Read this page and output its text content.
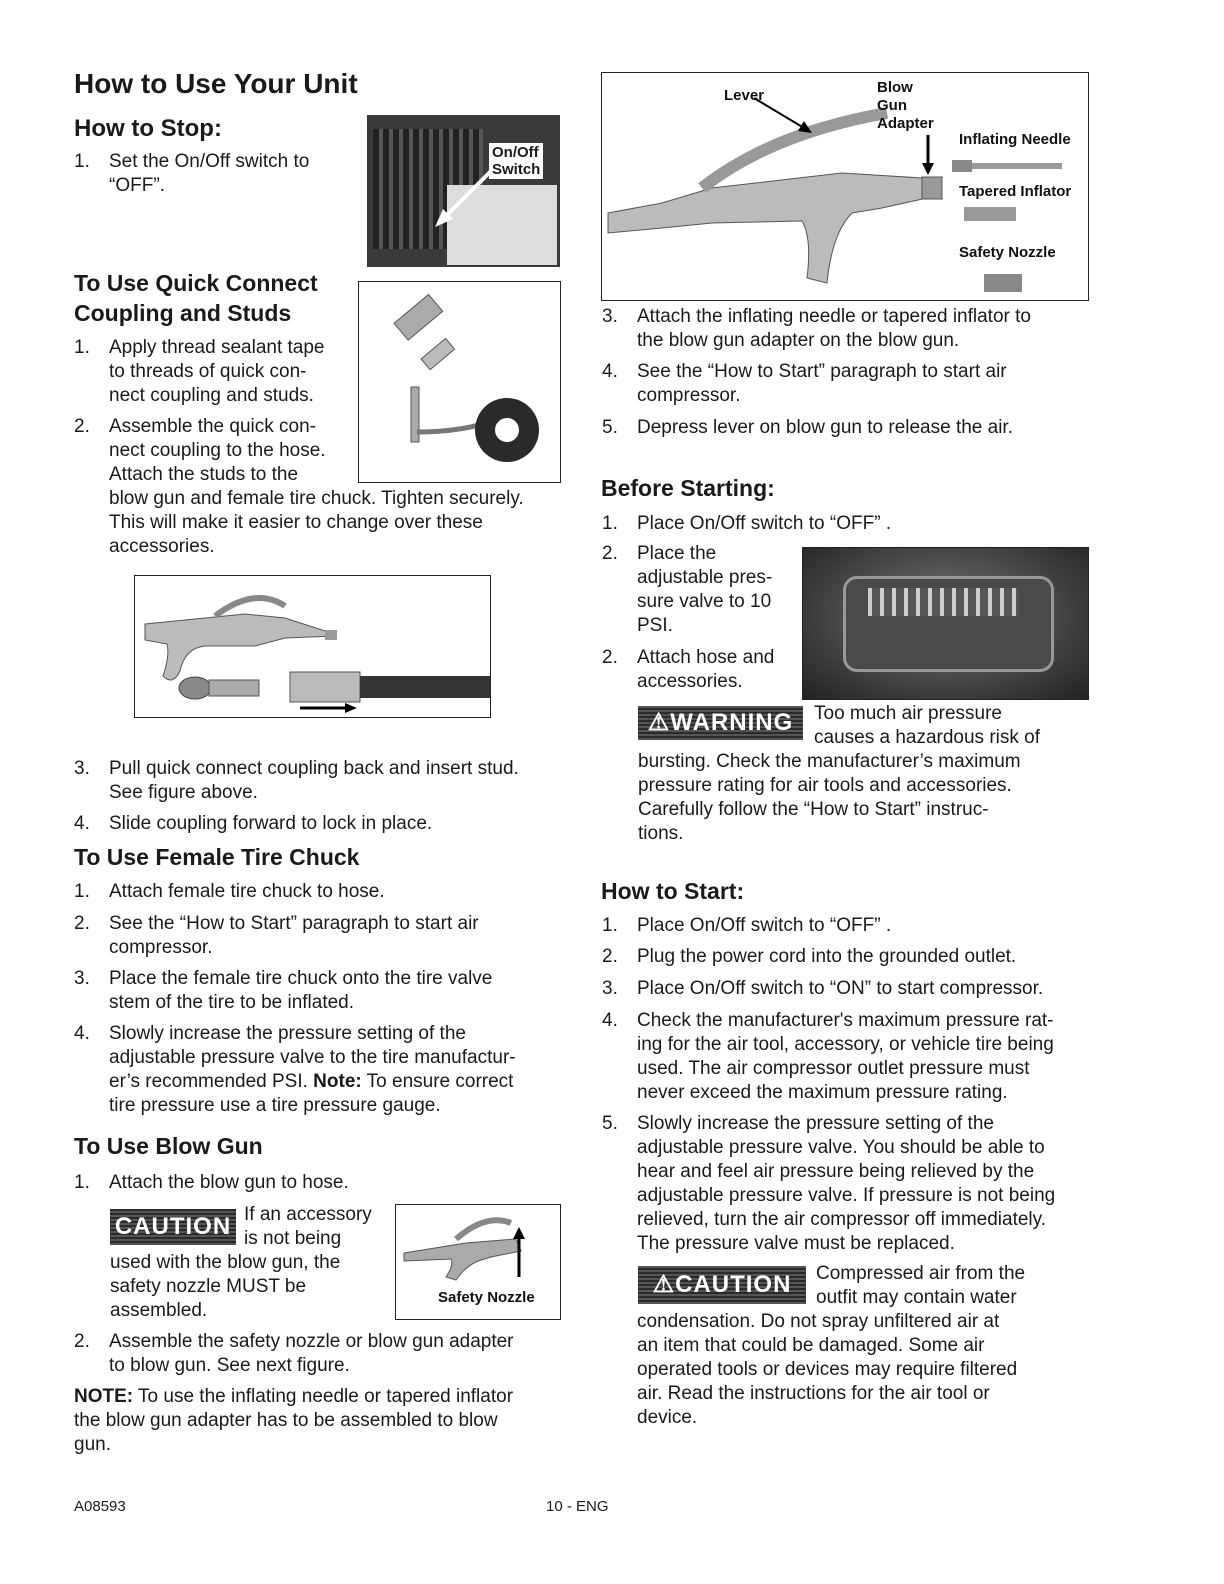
How to Use Your Unit
How to Stop:
1. Set the On/Off switch to
“OFF”.
On/Off
Switch
To Use Quick Connect
Coupling and Studs
1. Apply thread sealant tape
to threads of quick con-
nect coupling and studs.
2. Assemble the quick con-
nect coupling to the hose.
Attach the studs to the
blow gun and female tire chuck. Tighten securely.
This will make it easier to change over these
accessories.
3. Pull quick connect coupling back and insert stud.
See figure above.
4. Slide coupling forward to lock in place.
To Use Female Tire Chuck
1. Attach female tire chuck to hose.
2. See the “How to Start” paragraph to start air
compressor.
3. Place the female tire chuck onto the tire valve
stem of the tire to be inflated.
4. Slowly increase the pressure setting of the
adjustable pressure valve to the tire manufactur-
er’s recommended PSI. Note: To ensure correct
tire pressure use a tire pressure gauge.
To Use Blow Gun
1. Attach the blow gun to hose.
CAUTION If an accessory
is not being
used with the blow gun, the
safety nozzle MUST be
assembled.
Safety Nozzle
2. Assemble the safety nozzle or blow gun adapter
to blow gun. See next figure.
NOTE: To use the inflating needle or tapered inflator
the blow gun adapter has to be assembled to blow
gun.
Lever	Blow
Gun
Adapter
Inflating Needle
Tapered Inflator
Safety Nozzle
3. Attach the inflating needle or tapered inflator to
the blow gun adapter on the blow gun.
4. See the “How to Start” paragraph to start air
compressor.
5. Depress lever on blow gun to release the air.
Before Starting:
1. Place On/Off switch to “OFF” .
2. Place the
adjustable pres-
sure valve to 10
PSI.
2. Attach hose and
accessories.
⚠WARNING	Too much air pressure
causes a hazardous risk of
bursting. Check the manufacturer’s maximum
pressure rating for air tools and accessories.
Carefully follow the “How to Start” instruc-
tions.
How to Start:
1. Place On/Off switch to “OFF” .
2. Plug the power cord into the grounded outlet.
3. Place On/Off switch to “ON” to start compressor.
4. Check the manufacturer's maximum pressure rat-
ing for the air tool, accessory, or vehicle tire being
used. The air compressor outlet pressure must
never exceed the maximum pressure rating.
5. Slowly increase the pressure setting of the
adjustable pressure valve. You should be able to
hear and feel air pressure being relieved by the
adjustable pressure valve. If pressure is not being
relieved, turn the air compressor off immediately.
The pressure valve must be replaced.
⚠CAUTION	Compressed air from the
outfit may contain water
condensation. Do not spray unfiltered air at
an item that could be damaged. Some air
operated tools or devices may require filtered
air. Read the instructions for the air tool or
device.
A08593	10 - ENG
